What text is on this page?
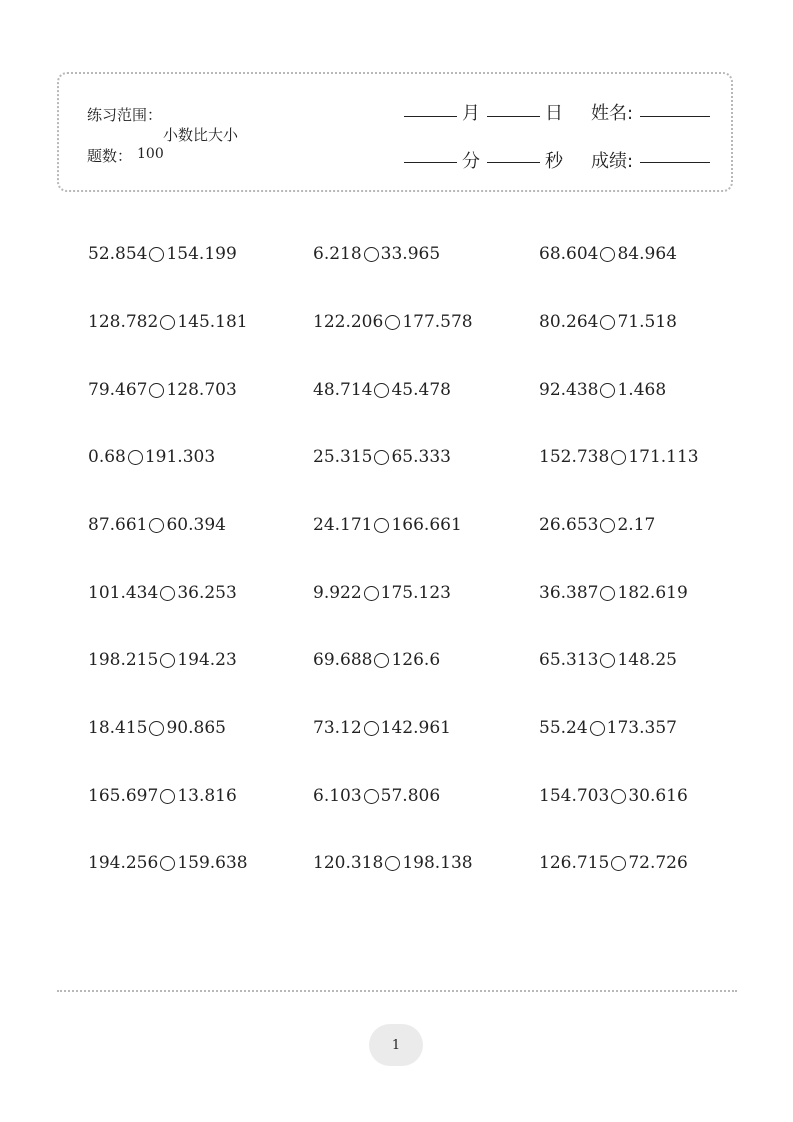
练习范围：
小数比大小
题数： 100
月	日 姓名:
分	秒 成绩:
52.854 154.199	6.218 33.965	68.604 84.964
128.782 145.181	122.206 177.578	80.264 71.518
79.467 128.703	48.714 45.478	92.438 1.468
0.68 191.303	25.315 65.333	152.738 171.113
87.661 60.394	24.171 166.661	26.653 2.17
101.434 36.253	9.922 175.123	36.387 182.619
198.215 194.23	69.688 126.6	65.313 148.25
18.415 90.865	73.12 142.961	55.24 173.357
165.697 13.816	6.103 57.806	154.703 30.616
194.256 159.638	120.318 198.138	126.715 72.726
1
